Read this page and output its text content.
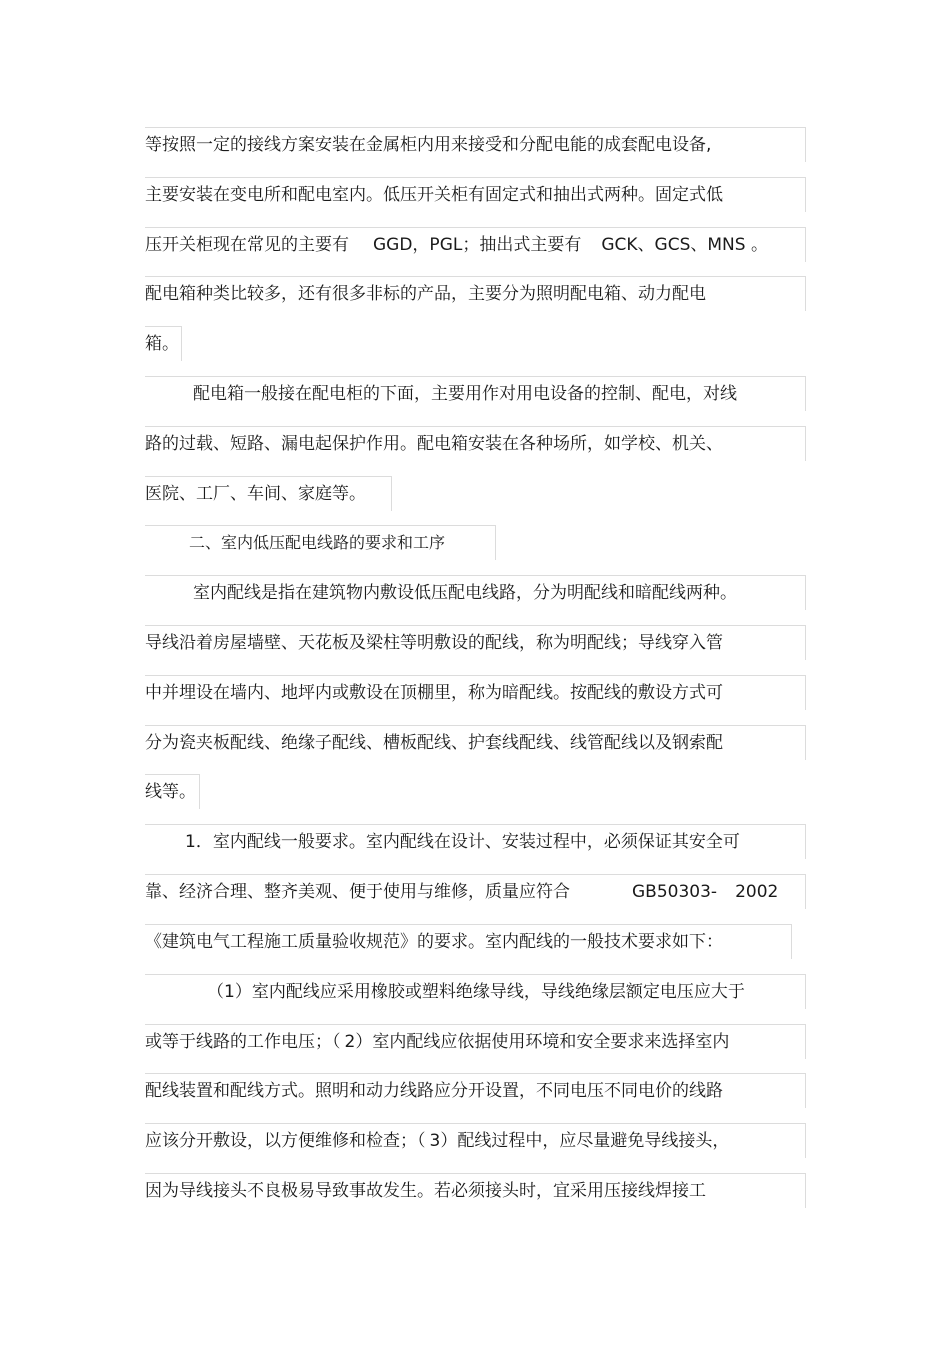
等按照一定的接线方案安装在金属柜内用来接受和分配电能的成套配电设备,
主要安装在变电所和配电室内。低压开关柜有固定式和抽出式两种。固定式低
压开关柜现在常见的主要有 GGD，PGL；抽出式主要有 GCK、GCS、MNS 。
配电箱种类比较多，还有很多非标的产品，主要分为照明配电箱、动力配电
箱。
配电箱一般接在配电柜的下面，主要用作对用电设备的控制、配电，对线
路的过载、短路、漏电起保护作用。配电箱安装在各种场所，如学校、机关、
医院、工厂、车间、家庭等。
二、室内低压配电线路的要求和工序
室内配线是指在建筑物内敷设低压配电线路，分为明配线和暗配线两种。
导线沿着房屋墙壁、天花板及梁柱等明敷设的配线，称为明配线；导线穿入管
中并埋设在墙内、地坪内或敷设在顶棚里，称为暗配线。按配线的敷设方式可
分为瓷夹板配线、绝缘子配线、槽板配线、护套线配线、线管配线以及钢索配
线等。
1．室内配线一般要求。室内配线在设计、安装过程中，必须保证其安全可
靠、经济合理、整齐美观、便于使用与维修，质量应符合	GB50303- 2002
《建筑电气工程施工质量验收规范》的要求。室内配线的一般技术要求如下：
（1）室内配线应采用橡胶或塑料绝缘导线，导线绝缘层额定电压应大于
或等于线路的工作电压；（ 2）室内配线应依据使用环境和安全要求来选择室内
配线装置和配线方式。照明和动力线路应分开设置，不同电压不同电价的线路
应该分开敷设，以方便维修和检查；（ 3）配线过程中，应尽量避免导线接头，
因为导线接头不良极易导致事故发生。若必须接头时，宜采用压接线焊接工
